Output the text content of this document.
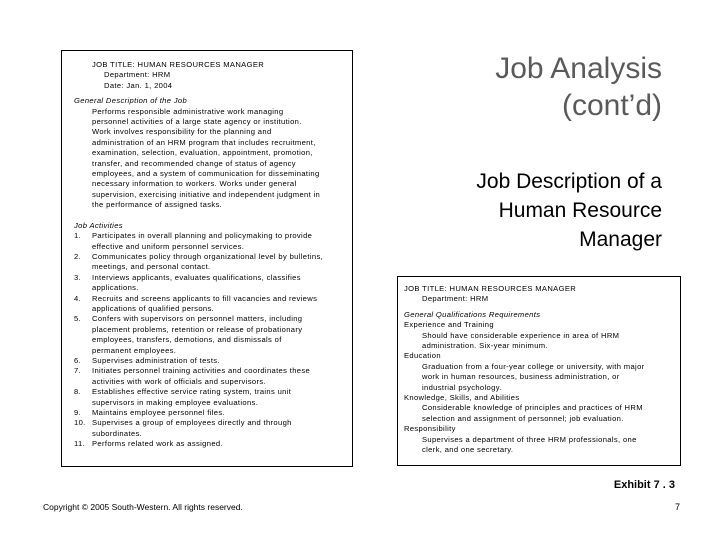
JOB TITLE: HUMAN RESOURCES MANAGER
Department: HRM
Date: Jan. 1, 2004
General Description of the Job
Performs responsible administrative work managing
personnel activities of a large state agency or institution.
Work involves responsibility for the planning and
administration of an HRM program that includes recruitment,
examination, selection, evaluation, appointment, promotion,
transfer, and recommended change of status of agency
employees, and a system of communication for disseminating
necessary information to workers. Works under general
supervision, exercising initiative and independent judgment in
the performance of assigned tasks.
Job Activities
1.	Participates in overall planning and policymaking to provide
effective and uniform personnel services.
2.	Communicates policy through organizational level by bulletins,
meetings, and personal contact.
3.	Interviews applicants, evaluates qualifications, classifies
applications.
4.	Recruits and screens applicants to fill vacancies and reviews
applications of qualified persons.
5.	Confers with supervisors on personnel matters, including
placement problems, retention or release of probationary
employees, transfers, demotions, and dismissals of
permanent employees.
6.	Supervises administration of tests.
7.	Initiates personnel training activities and coordinates these
activities with work of officials and supervisors.
8.	Establishes effective service rating system, trains unit
supervisors in making employee evaluations.
9.	Maintains employee personnel files.
10. Supervises a group of employees directly and through
subordinates.
11. Performs related work as assigned.
Job Analysis
(cont’d)
Job Description of a
Human Resource
Manager
JOB TITLE: HUMAN RESOURCES MANAGER
Department: HRM
General Qualifications Requirements
Experience and Training
Should have considerable experience in area of HRM
administration. Six-year minimum.
Education
Graduation from a four-year college or university, with major
work in human resources, business administration, or
industrial psychology.
Knowledge, Skills, and Abilities
Considerable knowledge of principles and practices of HRM
selection and assignment of personnel; job evaluation.
Responsibility
Supervises a department of three HRM professionals, one
clerk, and one secretary.
Exhibit 7 . 3
Copyright © 2005 South-Western. All rights reserved.	7
